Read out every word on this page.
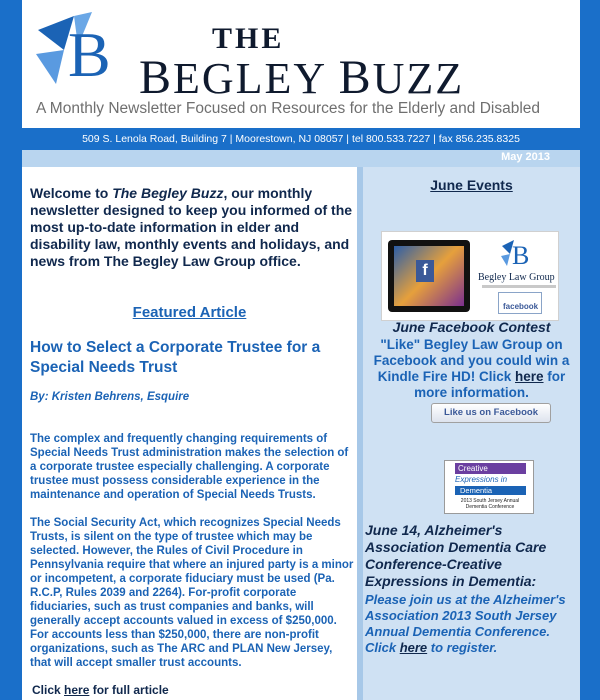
B	THE
BEGLEY BUZZ
A Monthly Newsletter Focused on Resources for the Elderly and Disabled
509 S. Lenola Road, Building 7 | Moorestown, NJ 08057 | tel 800.533.7227 | fax 856.235.8325
May 2013
Welcome to The Begley Buzz, our monthly newsletter designed to keep you informed of the most up-to-date information in elder and disability law, monthly events and holidays, and news from The Begley Law Group office.
Featured Article
How to Select a Corporate Trustee for a Special Needs Trust
By: Kristen Behrens, Esquire
The complex and frequently changing requirements of Special Needs Trust administration makes the selection of a corporate trustee especially challenging. A corporate trustee must possess considerable experience in the maintenance and operation of Special Needs Trusts.
The Social Security Act, which recognizes Special Needs Trusts, is silent on the type of trustee which may be selected. However, the Rules of Civil Procedure in Pennsylvania require that where an injured party is a minor or incompetent, a corporate fiduciary must be used (Pa. R.C.P, Rules 2039 and 2264). For-profit corporate fiduciaries, such as trust companies and banks, will generally accept accounts valued in excess of $250,000. For accounts less than $250,000, there are non-profit organizations, such as The ARC and PLAN New Jersey, that will accept smaller trust accounts.
Click here for full article
June Events
f
B
Begley Law Group
facebook
June Facebook Contest
"Like" Begley Law Group on Facebook and you could win a Kindle Fire HD! Click here for more information.
Like us on Facebook
Creative
Expressions in
Dementia
2013 South Jersey Annual Dementia Conference
June 14, Alzheimer's Association Dementia Care Conference-Creative Expressions in Dementia:
Please join us at the Alzheimer's Association 2013 South Jersey Annual Dementia Conference. Click here to register.
